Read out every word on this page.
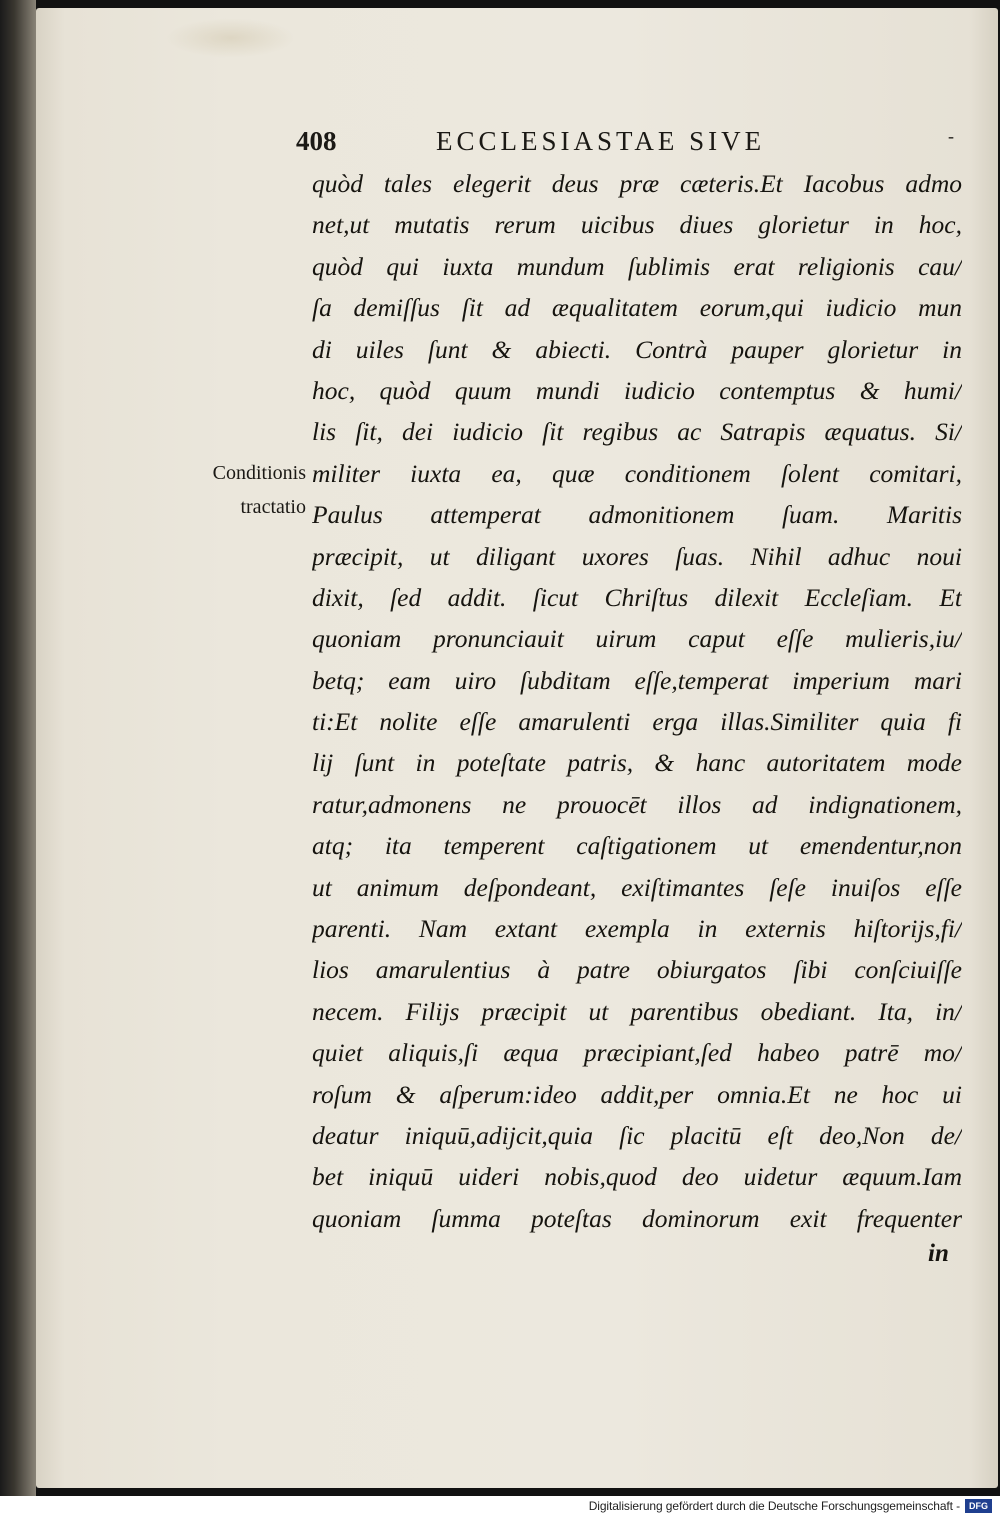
408	ECCLESIASTAE SIVE	-
Conditionis
tractatio
quòd tales elegerit deus præ cæteris.Et Iacobus admo
net,ut mutatis rerum uicibus diues glorietur in hoc,
quòd qui iuxta mundum ſublimis erat religionis cau/
ſa demiſſus ſit ad æqualitatem eorum,qui iudicio mun
di uiles ſunt & abiecti. Contrà pauper glorietur in
hoc, quòd quum mundi iudicio contemptus & humi/
lis ſit, dei iudicio ſit regibus ac Satrapis æquatus. Si/
militer iuxta ea, quæ conditionem ſolent comitari,
Paulus attemperat admonitionem ſuam. Maritis
præcipit, ut diligant uxores ſuas. Nihil adhuc noui
dixit, ſed addit. ſicut Chriſtus dilexit Eccleſiam. Et
quoniam pronunciauit uirum caput eſſe mulieris,iu/
betq; eam uiro ſubditam eſſe,temperat imperium mari
ti:Et nolite eſſe amarulenti erga illas.Similiter quia fi
lij ſunt in poteſtate patris, & hanc autoritatem mode
ratur,admonens ne prouocēt illos ad indignationem,
atq; ita temperent caſtigationem ut emendentur,non
ut animum deſpondeant, exiſtimantes ſeſe inuiſos eſſe
parenti. Nam extant exempla in externis hiſtorijs,fi/
lios amarulentius à patre obiurgatos ſibi conſciuiſſe
necem. Filijs præcipit ut parentibus obediant. Ita, in/
quiet aliquis,ſi æqua præcipiant,ſed habeo patrē mo/
roſum & aſperum:ideo addit,per omnia.Et ne hoc ui
deatur iniquū,adijcit,quia ſic placitū eſt deo,Non de/
bet iniquū uideri nobis,quod deo uidetur æquum.Iam
quoniam ſumma poteſtas dominorum exit frequenter
in
Digitalisierung gefördert durch die Deutsche Forschungsgemeinschaft -	DFG
